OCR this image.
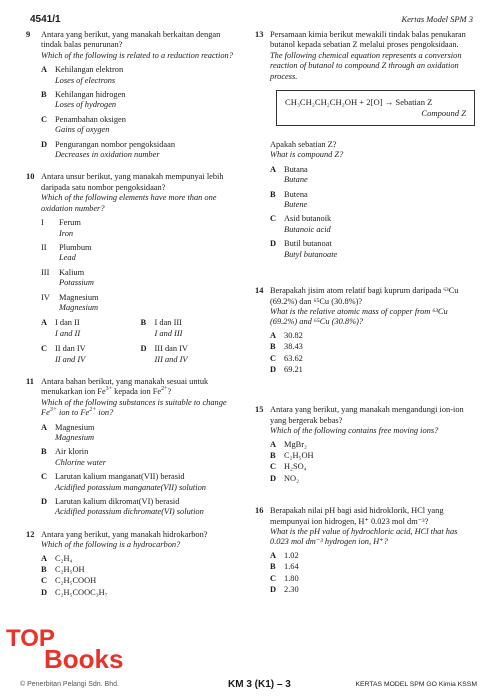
4541/1	Kertas Model SPM 3
9 Antara yang berikut, yang manakah berkaitan dengan tindak balas penurunan?
Which of the following is related to a reduction reaction?
A Kehilangan elektron
Loses of electrons
B Kehilangan hidrogen
Loses of hydrogen
C Penambahan oksigen
Gains of oxygen
D Pengurangan nombor pengoksidaan
Decreases in oxidation number
10 Antara unsur berikut, yang manakah mempunyai lebih daripada satu nombor pengoksidaan?
Which of the following elements have more than one oxidation number?
I Ferum
Iron
II Plumbum
Lead
III Kalium
Potassium
IV Magnesium
Magnesium
A I dan II
I and II
B I dan III
I and III
C II dan IV
II and IV
D III dan IV
III and IV
11 Antara bahan berikut, yang manakah sesuai untuk menukarkan ion $Fe^{3+}$ kepada ion $Fe^{2+}$?
Which of the following substances is suitable to change $Fe^{3+}$ ion to $Fe^{2+}$ ion?
A Magnesium
Magnesium
B Air klorin
Chlorine water
C Larutan kalium manganat(VII) berasid
Acidified potassium manganate(VII) solution
D Larutan kalium dikromat(VI) berasid
Acidified potassium dichromate(VI) solution
12 Antara yang berikut, yang manakah hidrokarbon?
Which of the following is a hydrocarbon?
A C₂H₄
B C₂H₅OH
C C₂H₅COOH
D C₂H₅COOC₃H₇
13 Persamaan kimia berikut mewakili tindak balas penukaran butanol kepada sebatian Z melalui proses pengoksidaan.
The following chemical equation represents a conversion reaction of butanol to compound Z through an oxidation process.
CH₃CH₂CH₂CH₂OH + 2[O] → Sebatian Z
Compound Z
Apakah sebatian Z?
What is compound Z?
A Butana
Butane
B Butena
Butene
C Asid butanoik
Butanoic acid
D Butil butanoat
Butyl butanoate
14 Berapakah jisim atom relatif bagi kuprum daripada ⁶³Cu (69.2%) dan ⁶⁵Cu (30.8%)?
What is the relative atomic mass of copper from ⁶³Cu (69.2%) and ⁶⁵Cu (30.8%)?
A 30.82
B 38.43
C 63.62
D 69.21
15 Antara yang berikut, yang manakah mengandungi ion-ion yang bergerak bebas?
Which of the following contains free moving ions?
A MgBr₂
B C₂H₅OH
C H₂SO₄
D NO₂
16 Berapakah nilai pH bagi asid hidroklorik, HCl yang mempunyai ion hidrogen, H⁺ 0.023 mol dm⁻³?
What is the pH value of hydrochloric acid, HCl that has 0.023 mol dm⁻³ hydrogen ion, H⁺?
A 1.02
B 1.64
C 1.80
D 2.30
© Penerbitan Pelangi Sdn. Bhd.	KM 3 (K1) – 3	KERTAS MODEL SPM GO Kimia KSSM
TOP
Books
